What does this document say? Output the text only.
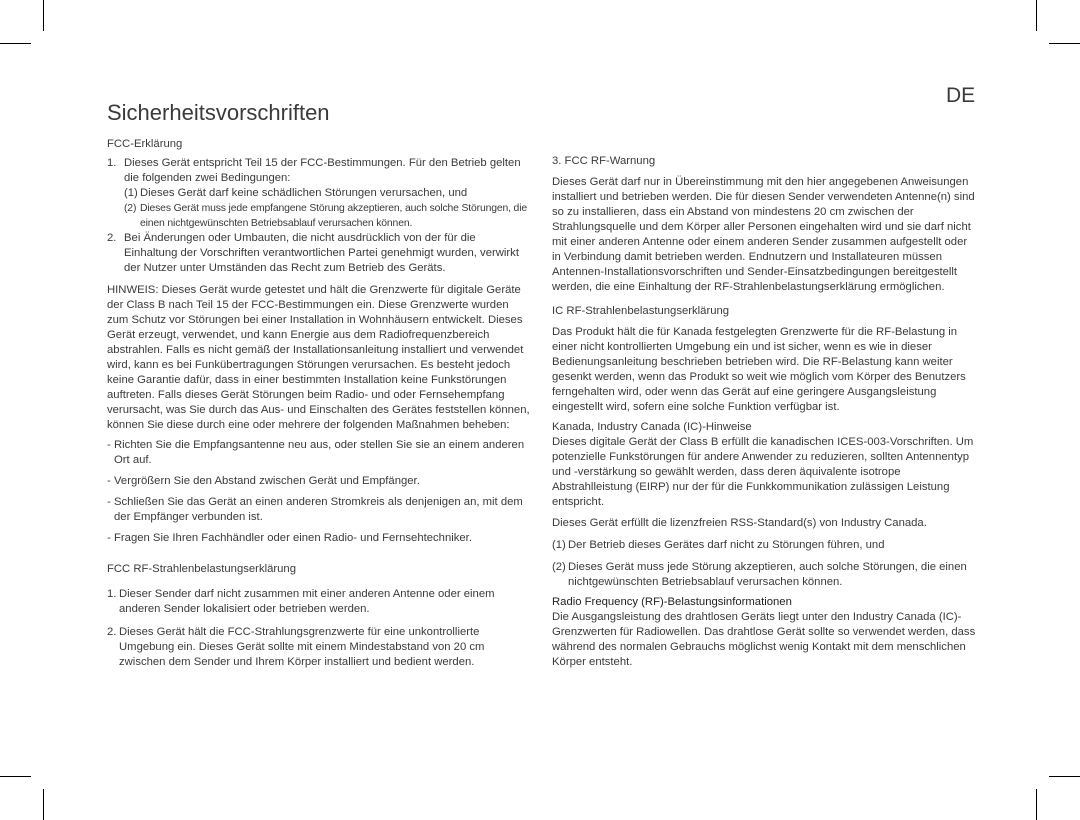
DE
Sicherheitsvorschriften
FCC-Erklärung
1. Dieses Gerät entspricht Teil 15 der FCC-Bestimmungen. Für den Betrieb gelten die folgenden zwei Bedingungen:
(1) Dieses Gerät darf keine schädlichen Störungen verursachen, und
(2) Dieses Gerät muss jede empfangene Störung akzeptieren, auch solche Störungen, die einen nichtgewünschten Betriebsablauf verursachen können.
2. Bei Änderungen oder Umbauten, die nicht ausdrücklich von der für die Einhaltung der Vorschriften verantwortlichen Partei genehmigt wurden, verwirkt der Nutzer unter Umständen das Recht zum Betrieb des Geräts.

HINWEIS: Dieses Gerät wurde getestet und hält die Grenzwerte für digitale Geräte der Class B nach Teil 15 der FCC-Bestimmungen ein. Diese Grenzwerte wurden zum Schutz vor Störungen bei einer Installation in Wohnhäusern entwickelt. Dieses Gerät erzeugt, verwendet, und kann Energie aus dem Radiofrequenzbereich abstrahlen. Falls es nicht gemäß der Installationsanleitung installiert und verwendet wird, kann es bei Funkübertragungen Störungen verursachen. Es besteht jedoch keine Garantie dafür, dass in einer bestimmten Installation keine Funkstörungen auftreten. Falls dieses Gerät Störungen beim Radio- und oder Fernsehempfang verursacht, was Sie durch das Aus- und Einschalten des Gerätes feststellen können, können Sie diese durch eine oder mehrere der folgenden Maßnahmen beheben:

- Richten Sie die Empfangsantenne neu aus, oder stellen Sie sie an einem anderen Ort auf.
- Vergrößern Sie den Abstand zwischen Gerät und Empfänger.
- Schließen Sie das Gerät an einen anderen Stromkreis als denjenigen an, mit dem der Empfänger verbunden ist.
- Fragen Sie Ihren Fachhändler oder einen Radio- und Fernsehtechniker.
FCC RF-Strahlenbelastungserklärung
1. Dieser Sender darf nicht zusammen mit einer anderen Antenne oder einem anderen Sender lokalisiert oder betrieben werden.
2. Dieses Gerät hält die FCC-Strahlungsgrenzwerte für eine unkontrollierte Umgebung ein. Dieses Gerät sollte mit einem Mindestabstand von 20 cm zwischen dem Sender und Ihrem Körper installiert und bedient werden.
3. FCC RF-Warnung

Dieses Gerät darf nur in Übereinstimmung mit den hier angegebenen Anweisungen installiert und betrieben werden. Die für diesen Sender verwendeten Antenne(n) sind so zu installieren, dass ein Abstand von mindestens 20 cm zwischen der Strahlungsquelle und dem Körper aller Personen eingehalten wird und sie darf nicht mit einer anderen Antenne oder einem anderen Sender zusammen aufgestellt oder in Verbindung damit betrieben werden. Endnutzern und Installateuren müssen Antennen-Installationsvorschriften und Sender-Einsatzbedingungen bereitgestellt werden, die eine Einhaltung der RF-Strahlenbelastungserklärung ermöglichen.

IC RF-Strahlenbelastungserklärung

Das Produkt hält die für Kanada festgelegten Grenzwerte für die RF-Belastung in einer nicht kontrollierten Umgebung ein und ist sicher, wenn es wie in dieser Bedienungsanleitung beschrieben betrieben wird. Die RF-Belastung kann weiter gesenkt werden, wenn das Produkt so weit wie möglich vom Körper des Benutzers ferngehalten wird, oder wenn das Gerät auf eine geringere Ausgangsleistung eingestellt wird, sofern eine solche Funktion verfügbar ist.

Kanada, Industry Canada (IC)-Hinweise

Dieses digitale Gerät der Class B erfüllt die kanadischen ICES-003-Vorschriften. Um potenzielle Funkstörungen für andere Anwender zu reduzieren, sollten Antennentyp und -verstärkung so gewählt werden, dass deren äquivalente isotrope Abstrahlleistung (EIRP) nur der für die Funkkommunikation zulässigen Leistung entspricht.

Dieses Gerät erfüllt die lizenzfreien RSS-Standard(s) von Industry Canada.

(1) Der Betrieb dieses Gerätes darf nicht zu Störungen führen, und
(2) Dieses Gerät muss jede Störung akzeptieren, auch solche Störungen, die einen nichtgewünschten Betriebsablauf verursachen können.
Radio Frequency (RF)-Belastungsinformationen

Die Ausgangsleistung des drahtlosen Geräts liegt unter den Industry Canada (IC)-Grenzwerten für Radiowellen. Das drahtlose Gerät sollte so verwendet werden, dass während des normalen Gebrauchs möglichst wenig Kontakt mit dem menschlichen Körper entsteht.
